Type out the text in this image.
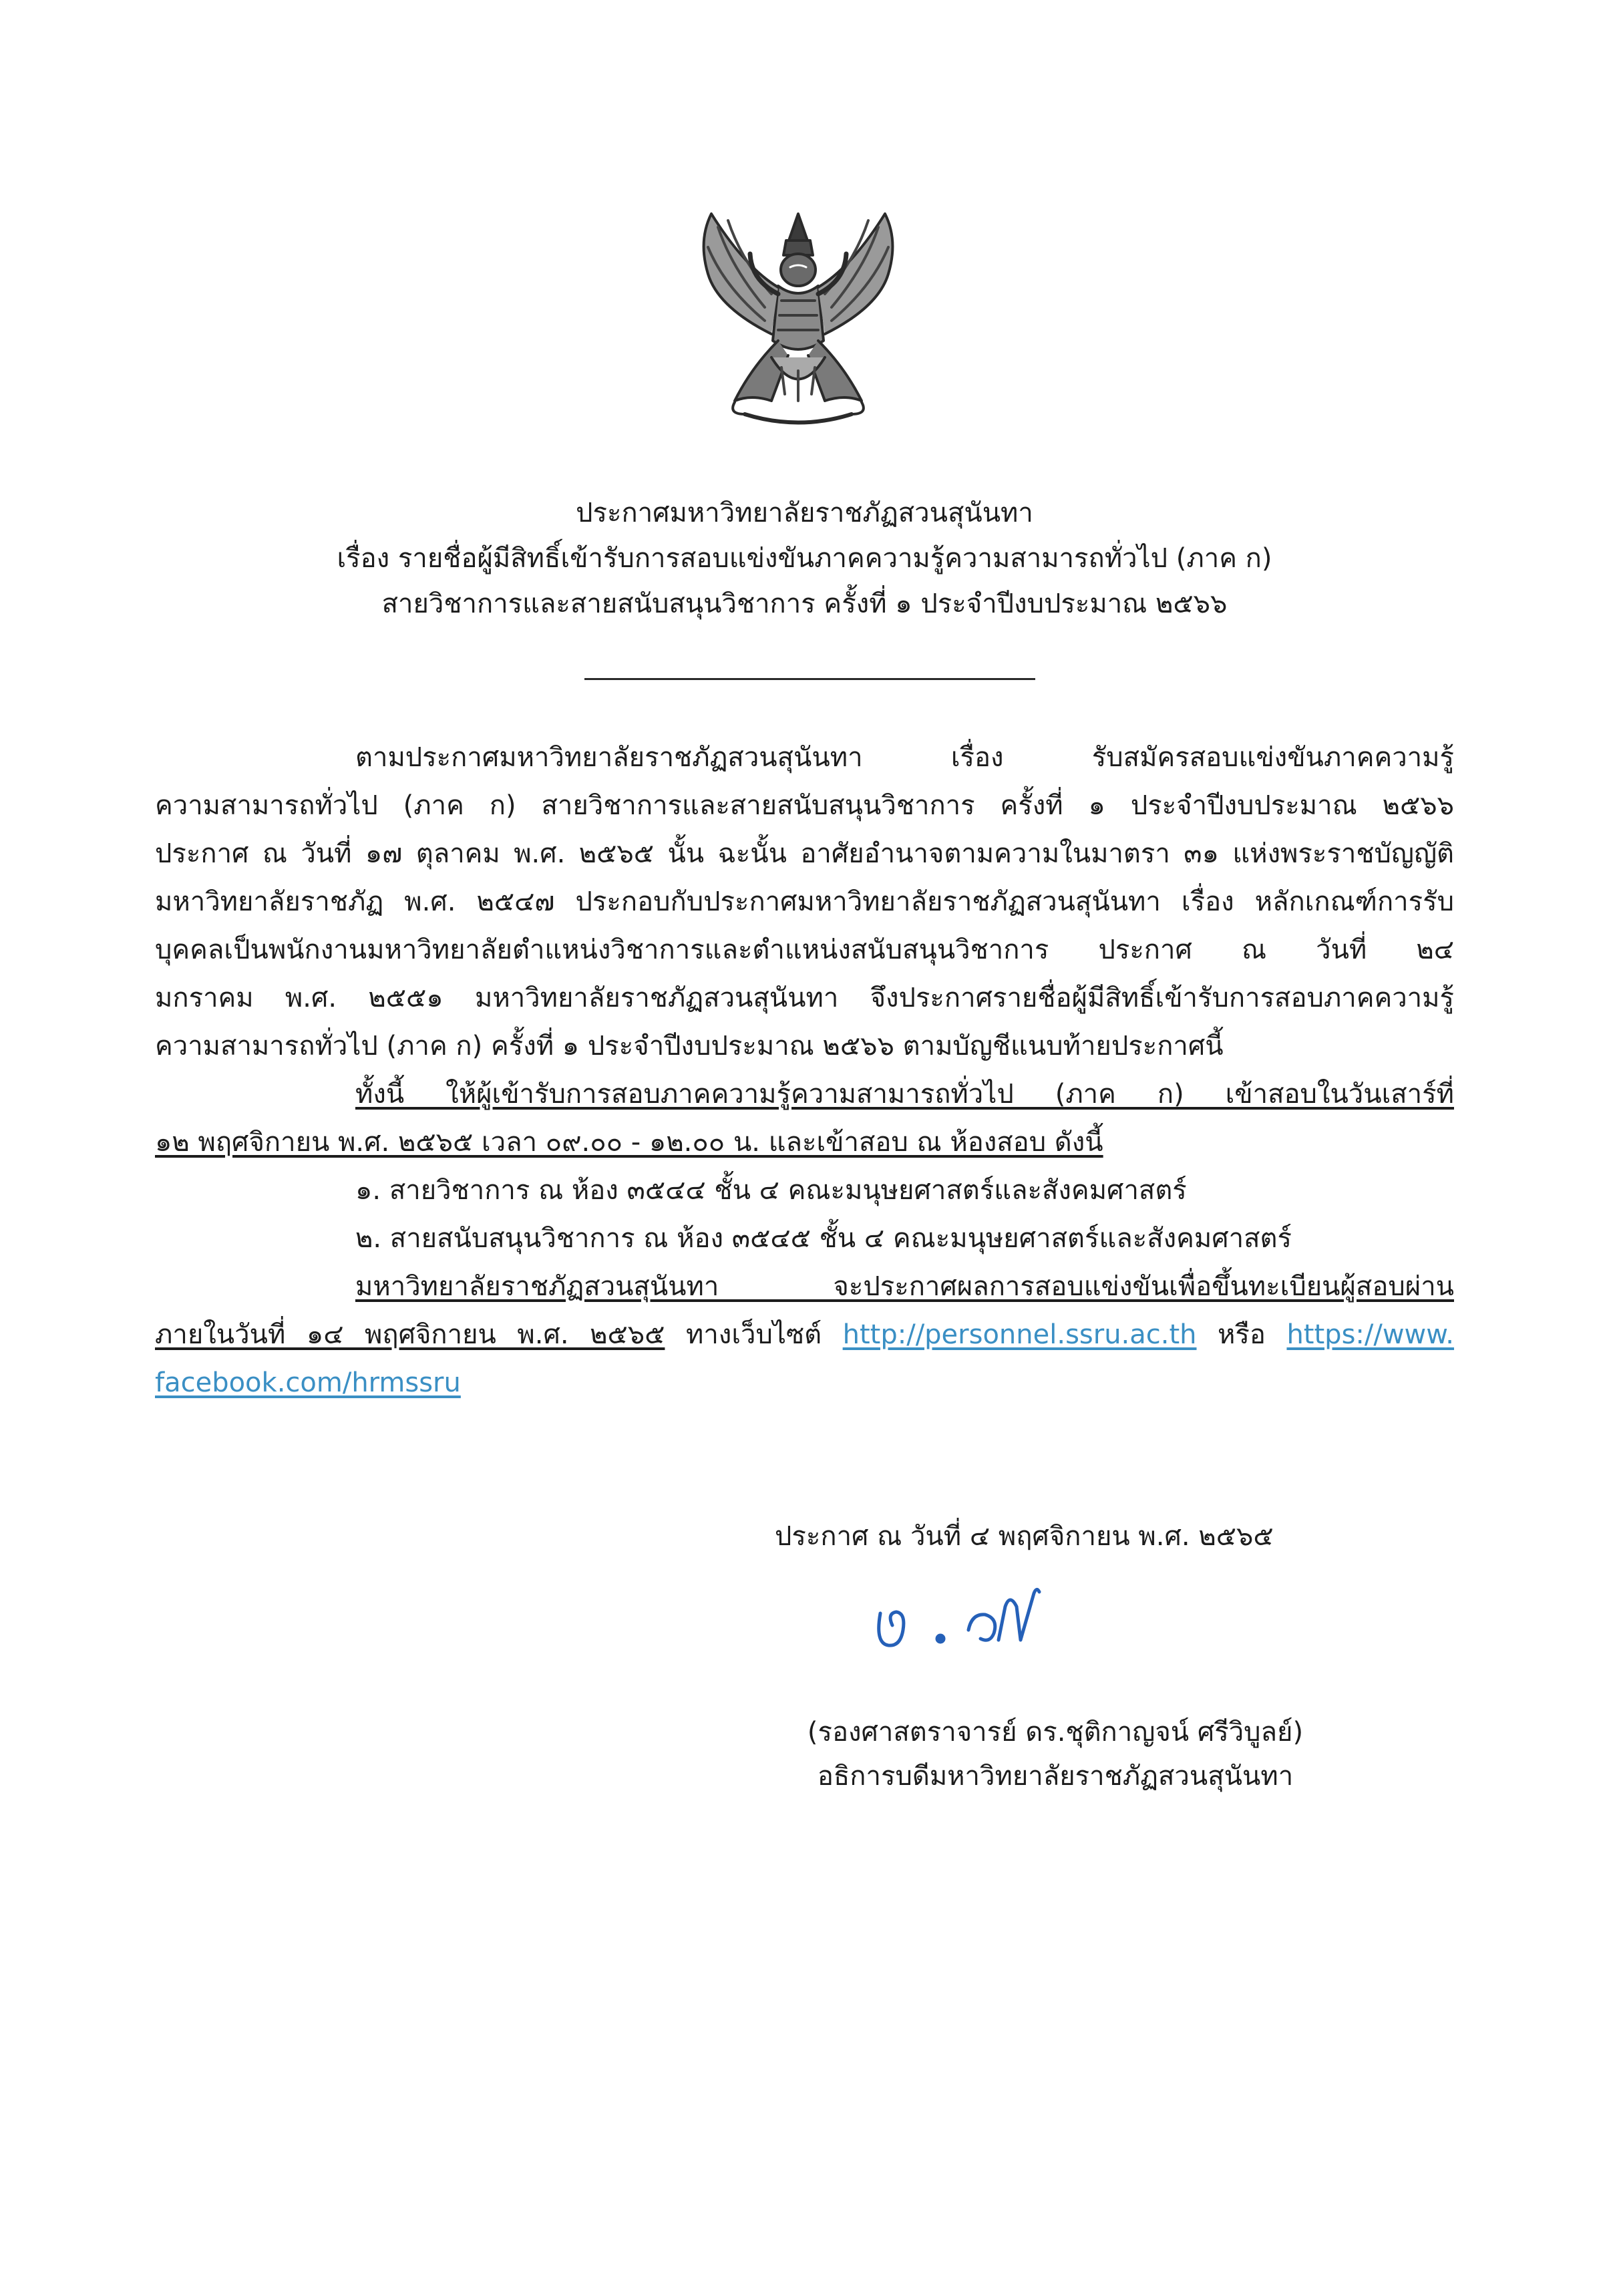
ประกาศมหาวิทยาลัยราชภัฏสวนสุนันทา
เรื่อง รายชื่อผู้มีสิทธิ์เข้ารับการสอบแข่งขันภาคความรู้ความสามารถทั่วไป (ภาค ก)
สายวิชาการและสายสนับสนุนวิชาการ ครั้งที่ ๑ ประจำปีงบประมาณ ๒๕๖๖
ตามประกาศมหาวิทยาลัยราชภัฏสวนสุนันทา เรื่อง รับสมัครสอบแข่งขันภาคความรู้
ความสามารถทั่วไป (ภาค ก) สายวิชาการและสายสนับสนุนวิชาการ ครั้งที่ ๑ ประจำปีงบประมาณ ๒๕๖๖
ประกาศ ณ วันที่ ๑๗ ตุลาคม พ.ศ. ๒๕๖๕ นั้น ฉะนั้น อาศัยอำนาจตามความในมาตรา ๓๑ แห่งพระราชบัญญัติ
มหาวิทยาลัยราชภัฏ พ.ศ. ๒๕๔๗ ประกอบกับประกาศมหาวิทยาลัยราชภัฏสวนสุนันทา เรื่อง หลักเกณฑ์การรับ
บุคคลเป็นพนักงานมหาวิทยาลัยตำแหน่งวิชาการและตำแหน่งสนับสนุนวิชาการ ประกาศ ณ วันที่ ๒๔
มกราคม พ.ศ. ๒๕๕๑ มหาวิทยาลัยราชภัฏสวนสุนันทา จึงประกาศรายชื่อผู้มีสิทธิ์เข้ารับการสอบภาคความรู้
ความสามารถทั่วไป (ภาค ก) ครั้งที่ ๑ ประจำปีงบประมาณ ๒๕๖๖ ตามบัญชีแนบท้ายประกาศนี้
ทั้งนี้ ให้ผู้เข้ารับการสอบภาคความรู้ความสามารถทั่วไป (ภาค ก) เข้าสอบในวันเสาร์ที่
๑๒ พฤศจิกายน พ.ศ. ๒๕๖๕ เวลา ๐๙.๐๐ - ๑๒.๐๐ น. และเข้าสอบ ณ ห้องสอบ ดังนี้
๑. สายวิชาการ ณ ห้อง ๓๕๔๔ ชั้น ๔ คณะมนุษยศาสตร์และสังคมศาสตร์
๒. สายสนับสนุนวิชาการ ณ ห้อง ๓๕๔๕ ชั้น ๔ คณะมนุษยศาสตร์และสังคมศาสตร์
มหาวิทยาลัยราชภัฏสวนสุนันทา จะประกาศผลการสอบแข่งขันเพื่อขึ้นทะเบียนผู้สอบผ่าน
ภายในวันที่ ๑๔ พฤศจิกายน พ.ศ. ๒๕๖๕ ทางเว็บไซต์ http://personnel.ssru.ac.th หรือ https://www.
facebook.com/hrmssru
ประกาศ ณ วันที่ ๔ พฤศจิกายน พ.ศ. ๒๕๖๕
(รองศาสตราจารย์ ดร.ชุติกาญจน์ ศรีวิบูลย์)
อธิการบดีมหาวิทยาลัยราชภัฏสวนสุนันทา
